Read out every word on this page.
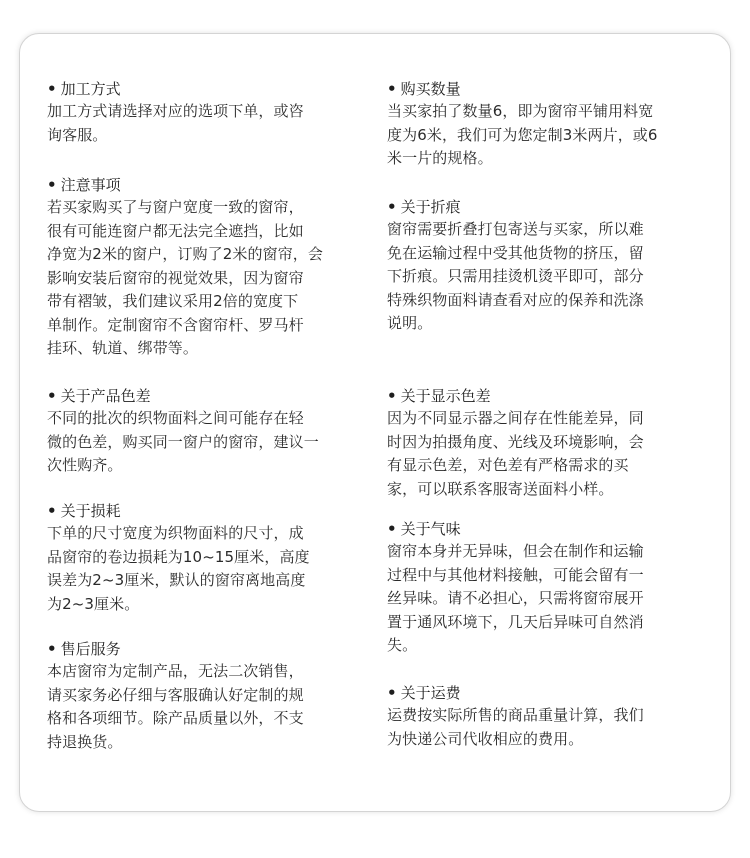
• 加工方式
加工方式请选择对应的选项下单，或咨
询客服。
• 注意事项
若买家购买了与窗户宽度一致的窗帘，
很有可能连窗户都无法完全遮挡，比如
净宽为2米的窗户，订购了2米的窗帘，会
影响安装后窗帘的视觉效果，因为窗帘
带有褶皱，我们建议采用2倍的宽度下
单制作。定制窗帘不含窗帘杆、罗马杆
挂环、轨道、绑带等。
• 关于产品色差
不同的批次的织物面料之间可能存在轻
微的色差，购买同一窗户的窗帘，建议一
次性购齐。
• 关于损耗
下单的尺寸宽度为织物面料的尺寸，成
品窗帘的卷边损耗为10~15厘米，高度
误差为2~3厘米，默认的窗帘离地高度
为2~3厘米。
• 售后服务
本店窗帘为定制产品，无法二次销售，
请买家务必仔细与客服确认好定制的规
格和各项细节。除产品质量以外，不支
持退换货。
• 购买数量
当买家拍了数量6，即为窗帘平铺用料宽
度为6米，我们可为您定制3米两片，或6
米一片的规格。
• 关于折痕
窗帘需要折叠打包寄送与买家，所以难
免在运输过程中受其他货物的挤压，留
下折痕。只需用挂烫机烫平即可，部分
特殊织物面料请查看对应的保养和洗涤
说明。
• 关于显示色差
因为不同显示器之间存在性能差异，同
时因为拍摄角度、光线及环境影响，会
有显示色差，对色差有严格需求的买
家，可以联系客服寄送面料小样。
• 关于气味
窗帘本身并无异味，但会在制作和运输
过程中与其他材料接触，可能会留有一
丝异味。请不必担心，只需将窗帘展开
置于通风环境下，几天后异味可自然消
失。
• 关于运费
运费按实际所售的商品重量计算，我们
为快递公司代收相应的费用。
